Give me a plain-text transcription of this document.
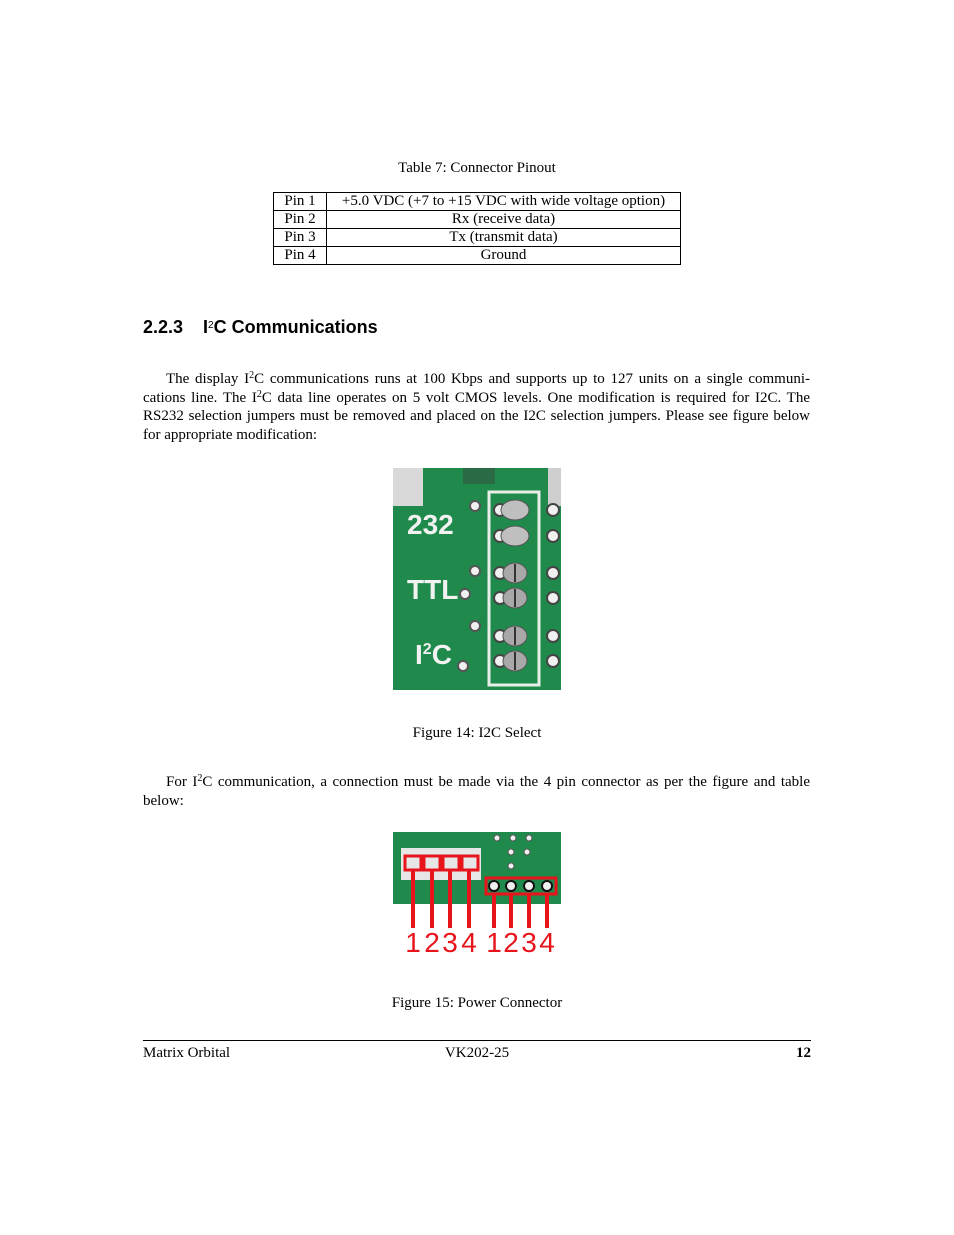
Table 7: Connector Pinout
Pin 1	+5.0 VDC (+7 to +15 VDC with wide voltage option)
Pin 2	Rx (receive data)
Pin 3	Tx (transmit data)
Pin 4	Ground
2.2.3 $I^2C$ Communications
The display $I^2C$ communications runs at 100 Kbps and supports up to 127 units on a single communi-cations line. The $I^2C$ data line operates on 5 volt CMOS levels. One modification is required for I2C. The RS232 selection jumpers must be removed and placed on the I2C selection jumpers. Please see figure below for appropriate modification:
232
TTL
$I^2C$
Figure 14: I2C Select
For $I^2C$ communication, a connection must be made via the 4 pin connector as per the figure and table below:
1 2 3 4 1 2 3 4
Figure 15: Power Connector
Matrix Orbital	VK202-25	12
